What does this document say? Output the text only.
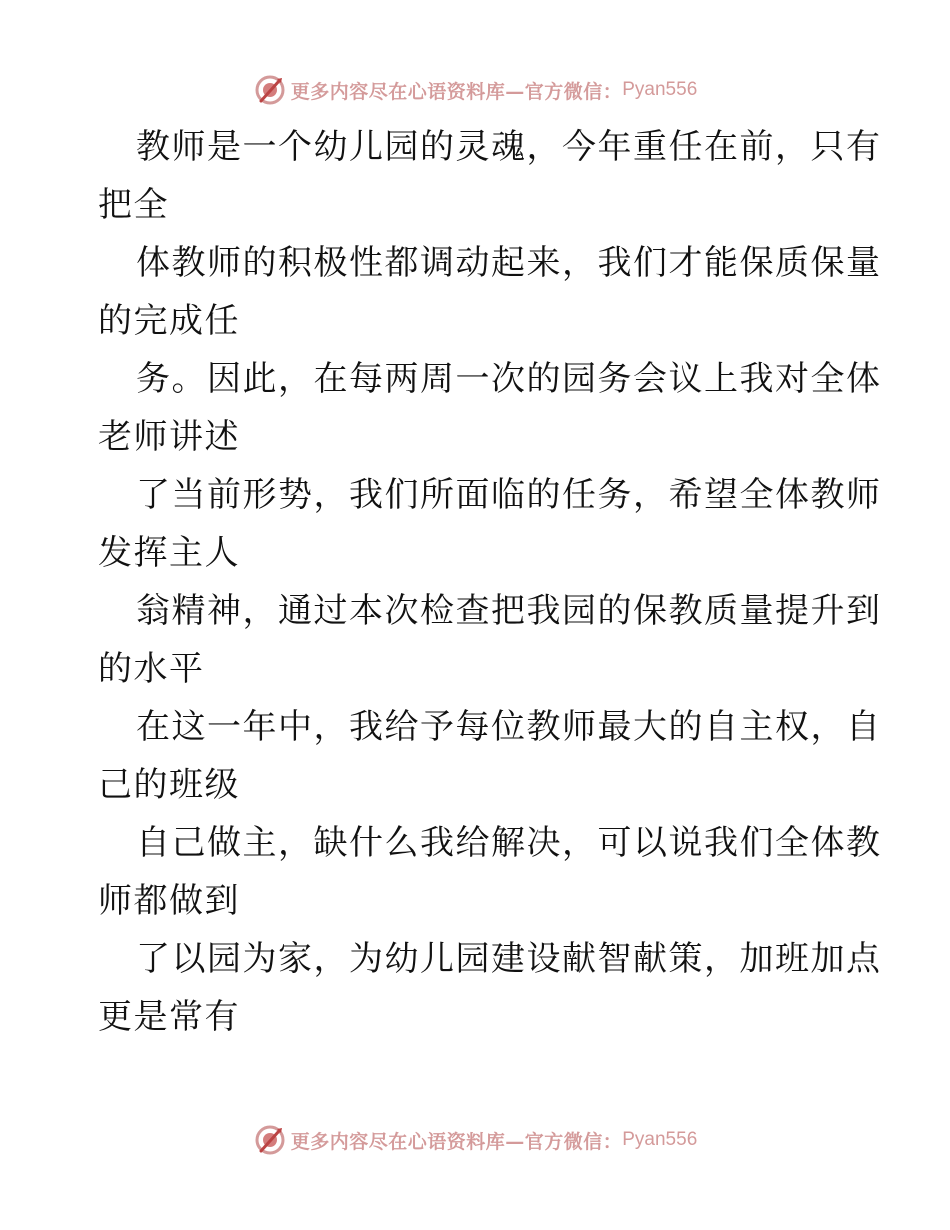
更多内容尽在心语资料库—官方微信： Pyan556
教师是一个幼儿园的灵魂，今年重任在前，只有
把全
体教师的积极性都调动起来，我们才能保质保量
的完成任
务。因此，在每两周一次的园务会议上我对全体
老师讲述
了当前形势，我们所面临的任务，希望全体教师
发挥主人
翁精神，通过本次检查把我园的保教质量提升到
的水平
在这一年中，我给予每位教师最大的自主权，自
己的班级
自己做主，缺什么我给解决，可以说我们全体教
师都做到
了以园为家，为幼儿园建设献智献策，加班加点
更是常有
更多内容尽在心语资料库—官方微信： Pyan556
